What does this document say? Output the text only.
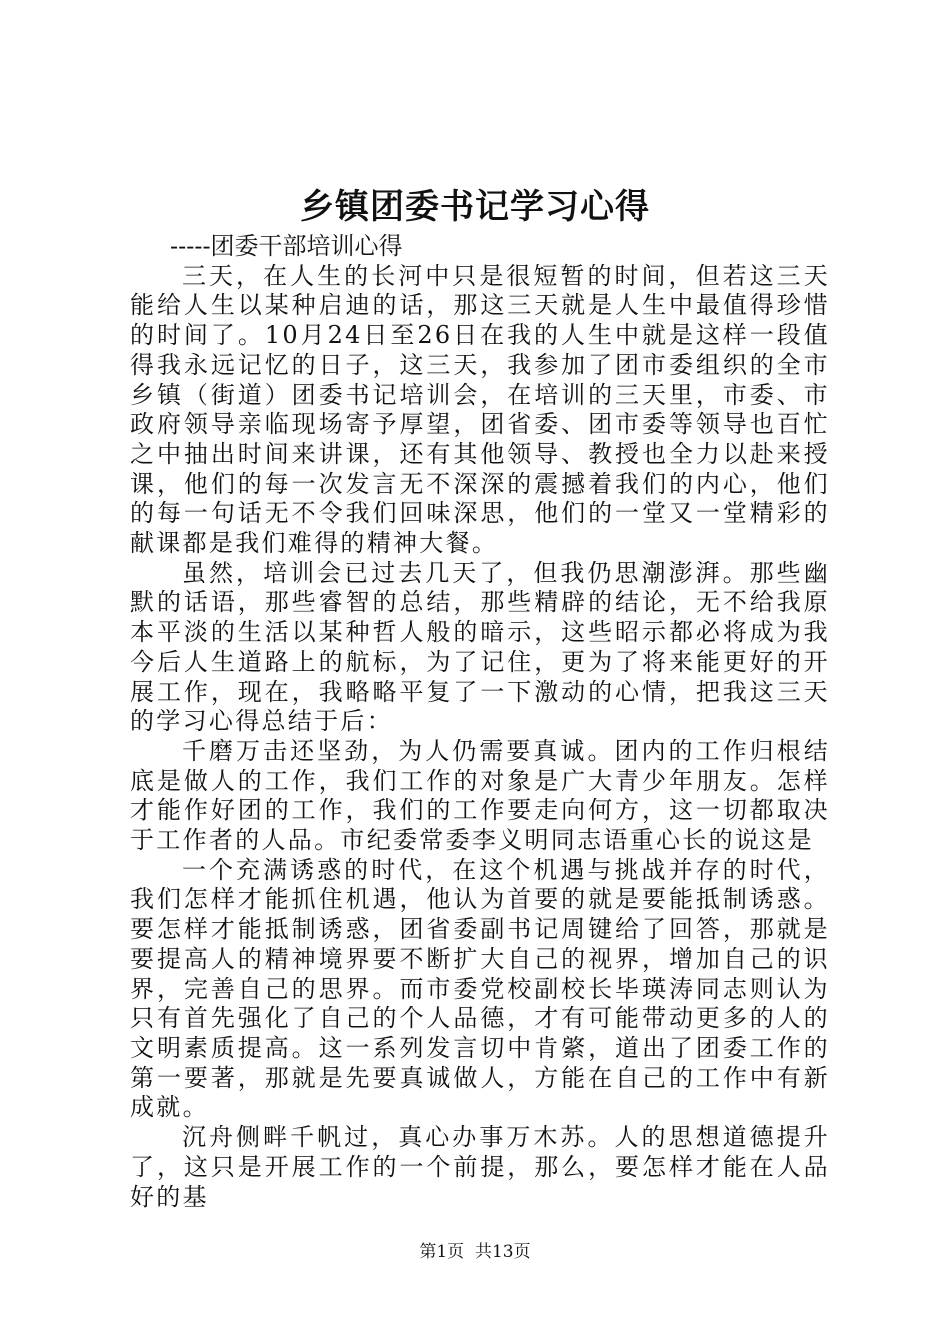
乡镇团委书记学习心得

-----团委干部培训心得

三天，在人生的长河中只是很短暂的时间，但若这三天能给人生以某种启迪的话，那这三天就是人生中最值得珍惜的时间了。10月24日至26日在我的人生中就是这样一段值得我永远记忆的日子，这三天，我参加了团市委组织的全市乡镇（街道）团委书记培训会，在培训的三天里，市委、市政府领导亲临现场寄予厚望，团省委、团市委等领导也百忙之中抽出时间来讲课，还有其他领导、教授也全力以赴来授课，他们的每一次发言无不深深的震撼着我们的内心，他们的每一句话无不令我们回味深思，他们的一堂又一堂精彩的献课都是我们难得的精神大餐。

虽然，培训会已过去几天了，但我仍思潮澎湃。那些幽默的话语，那些睿智的总结，那些精辟的结论，无不给我原本平淡的生活以某种哲人般的暗示，这些昭示都必将成为我今后人生道路上的航标，为了记住，更为了将来能更好的开展工作，现在，我略略平复了一下激动的心情，把我这三天的学习心得总结于后：

千磨万击还坚劲，为人仍需要真诚。团内的工作归根结底是做人的工作，我们工作的对象是广大青少年朋友。怎样才能作好团的工作，我们的工作要走向何方，这一切都取决于工作者的人品。市纪委常委李义明同志语重心长的说这是

一个充满诱惑的时代，在这个机遇与挑战并存的时代，我们怎样才能抓住机遇，他认为首要的就是要能抵制诱惑。要怎样才能抵制诱惑，团省委副书记周键给了回答，那就是要提高人的精神境界要不断扩大自己的视界，增加自己的识界，完善自己的思界。而市委党校副校长毕瑛涛同志则认为只有首先强化了自己的个人品德，才有可能带动更多的人的文明素质提高。这一系列发言切中肯綮，道出了团委工作的第一要著，那就是先要真诚做人，方能在自己的工作中有新成就。

沉舟侧畔千帆过，真心办事万木苏。人的思想道德提升了，这只是开展工作的一个前提，那么，要怎样才能在人品好的基

第1页  共13页
